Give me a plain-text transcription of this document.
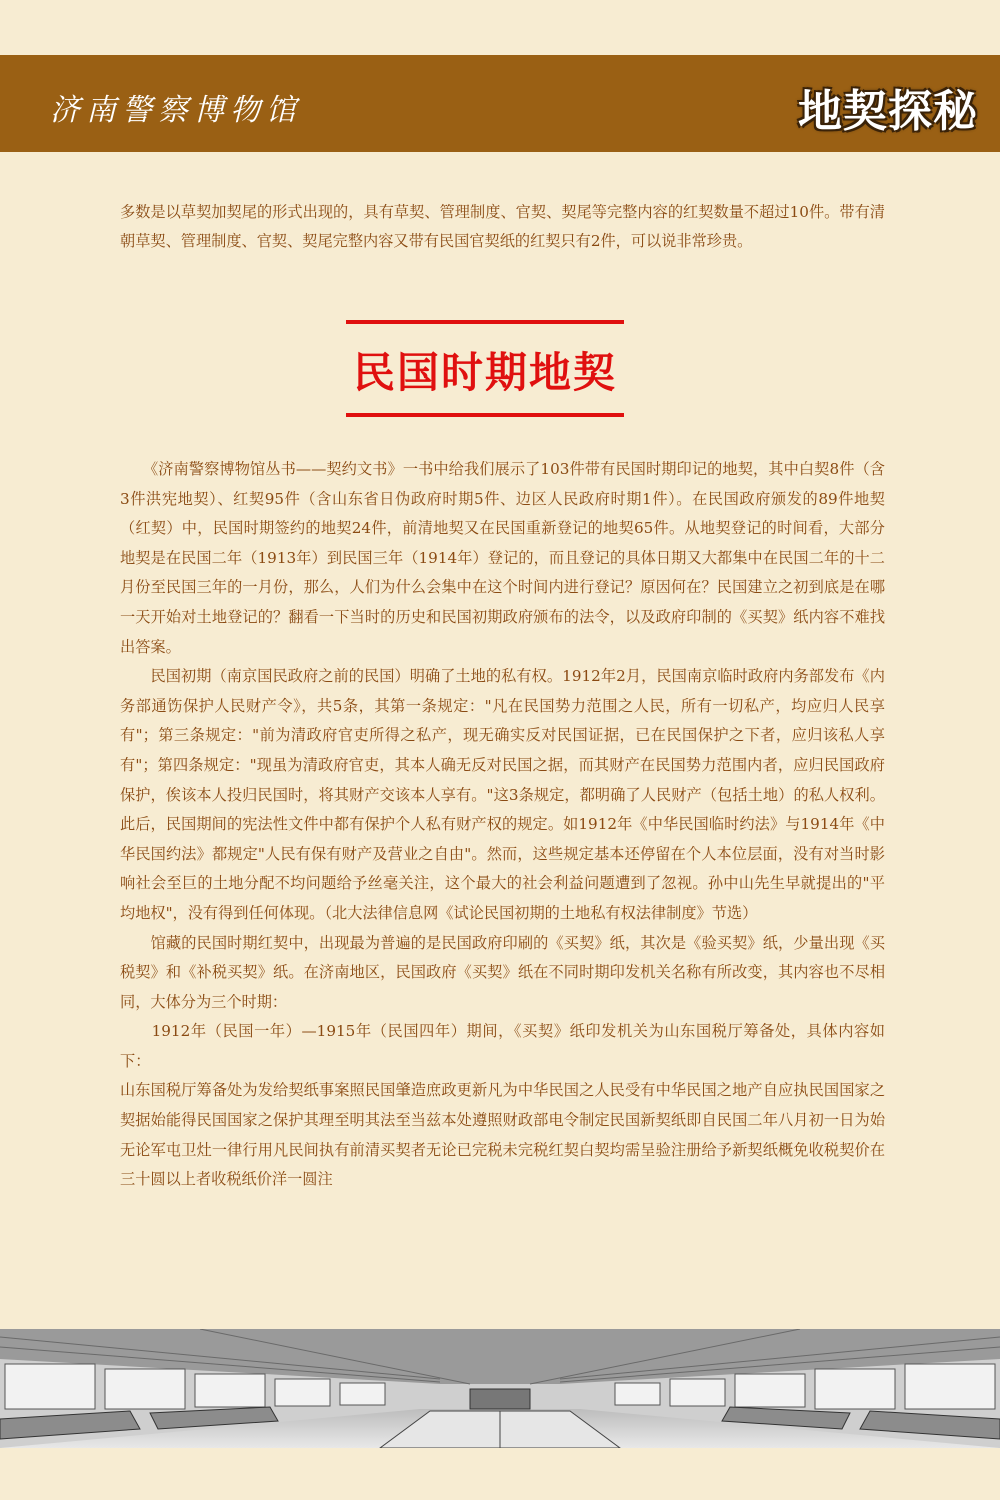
济南警察博物馆	地契探秘
多数是以草契加契尾的形式出现的，具有草契、管理制度、官契、契尾等完整内容的红契数量不超过10件。带有清朝草契、管理制度、官契、契尾完整内容又带有民国官契纸的红契只有2件，可以说非常珍贵。
民国时期地契

　　《济南警察博物馆丛书——契约文书》一书中给我们展示了103件带有民国时期印记的地契，其中白契8件（含3件洪宪地契）、红契95件（含山东省日伪政府时期5件、边区人民政府时期1件）。在民国政府颁发的89件地契（红契）中，民国时期签约的地契24件，前清地契又在民国重新登记的地契65件。从地契登记的时间看，大部分地契是在民国二年（1913年）到民国三年（1914年）登记的，而且登记的具体日期又大都集中在民国二年的十二月份至民国三年的一月份，那么，人们为什么会集中在这个时间内进行登记？原因何在？民国建立之初到底是在哪一天开始对土地登记的？翻看一下当时的历史和民国初期政府颁布的法令，以及政府印制的《买契》纸内容不难找出答案。

　　民国初期（南京国民政府之前的民国）明确了土地的私有权。1912年2月，民国南京临时政府内务部发布《内务部通饬保护人民财产令》，共5条，其第一条规定："凡在民国势力范围之人民，所有一切私产，均应归人民享有"；第三条规定："前为清政府官吏所得之私产，现无确实反对民国证据，已在民国保护之下者，应归该私人享有"；第四条规定："现虽为清政府官吏，其本人确无反对民国之据，而其财产在民国势力范围内者，应归民国政府保护，俟该本人投归民国时，将其财产交该本人享有。"这3条规定，都明确了人民财产（包括土地）的私人权利。此后，民国期间的宪法性文件中都有保护个人私有财产权的规定。如1912年《中华民国临时约法》与1914年《中华民国约法》都规定"人民有保有财产及营业之自由"。然而，这些规定基本还停留在个人本位层面，没有对当时影响社会至巨的土地分配不均问题给予丝毫关注，这个最大的社会利益问题遭到了忽视。孙中山先生早就提出的"平均地权"，没有得到任何体现。（北大法律信息网《试论民国初期的土地私有权法律制度》节选）

　　馆藏的民国时期红契中，出现最为普遍的是民国政府印刷的《买契》纸，其次是《验买契》纸，少量出现《买税契》和《补税买契》纸。在济南地区，民国政府《买契》纸在不同时期印发机关名称有所改变，其内容也不尽相同，大体分为三个时期：

　　1912年（民国一年）—1915年（民国四年）期间，《买契》纸印发机关为山东国税厅筹备处，具体内容如下：

山东国税厅筹备处为发给契纸事案照民国肇造庶政更新凡为中华民国之人民受有中华民国之地产自应执民国国家之契据始能得民国国家之保护其理至明其法至当兹本处遵照财政部电令制定民国新契纸即自民国二年八月初一日为始无论军屯卫灶一律行用凡民间执有前清买契者无论已完税未完税红契白契均需呈验注册给予新契纸概免收税契价在三十圆以上者收税纸价洋一圆注
